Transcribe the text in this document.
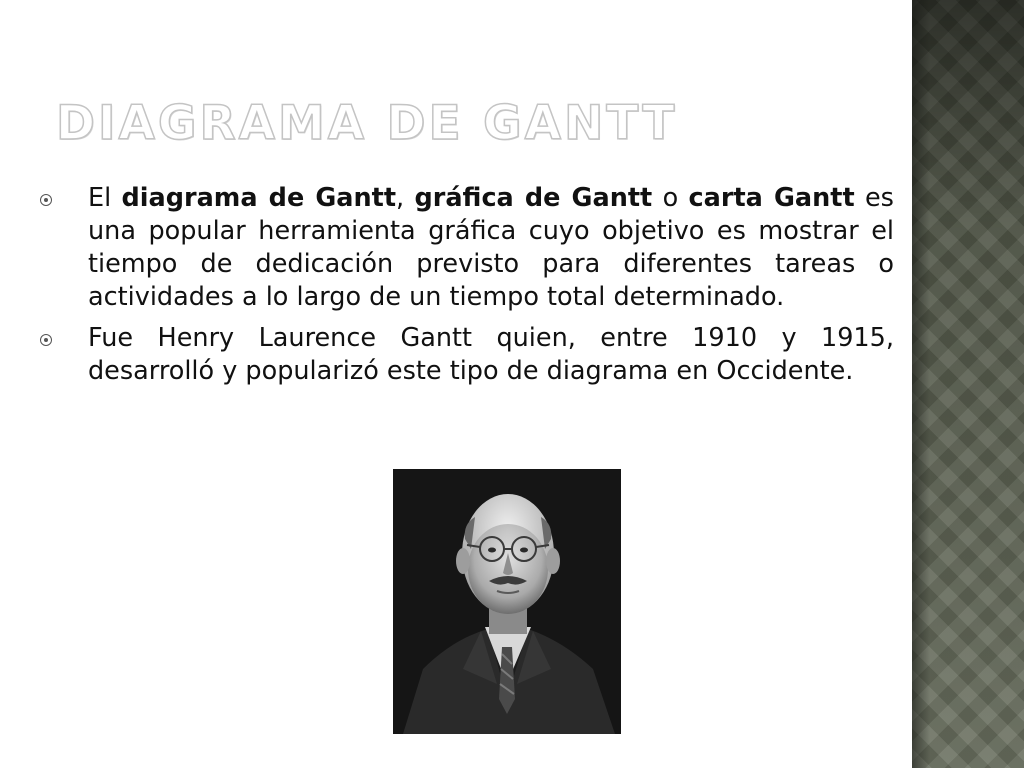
DIAGRAMA DE GANTT
El diagrama de Gantt, gráfica de Gantt o carta Gantt es una popular herramienta gráfica cuyo objetivo es mostrar el tiempo de dedicación previsto para diferentes tareas o actividades a lo largo de un tiempo total determinado.
Fue Henry Laurence Gantt quien, entre 1910 y 1915, desarrolló y popularizó este tipo de diagrama en Occidente.
